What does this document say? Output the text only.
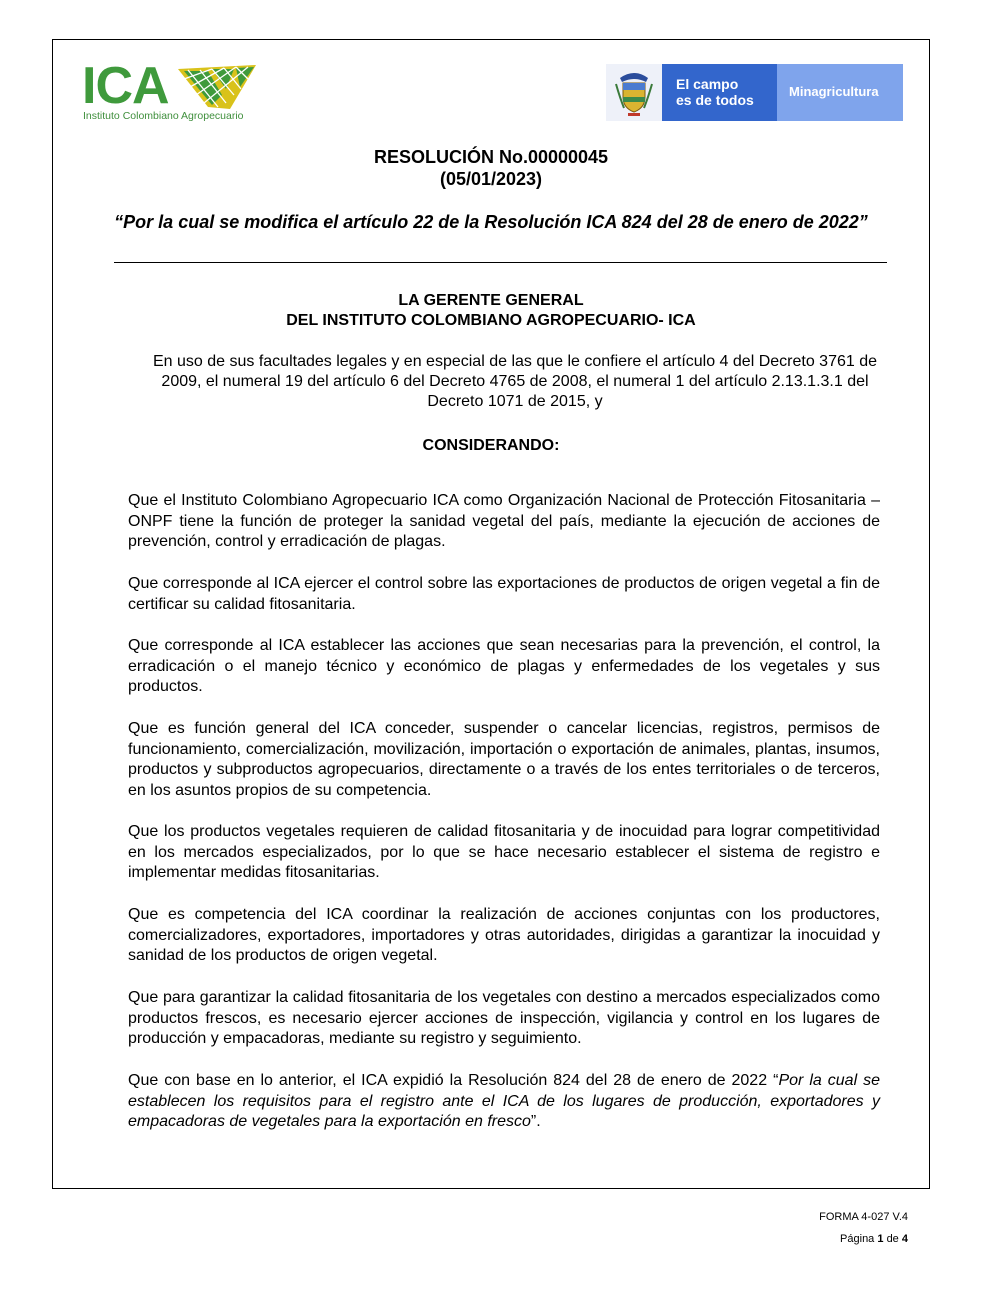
ICA
Instituto Colombiano Agropecuario
El campo
es de todos
Minagricultura
RESOLUCIÓN No.00000045
(05/01/2023)
“Por la cual se modifica el artículo 22 de la Resolución ICA 824 del 28 de enero de 2022”
LA GERENTE GENERAL
DEL INSTITUTO COLOMBIANO AGROPECUARIO- ICA
En uso de sus facultades legales y en especial de las que le confiere el artículo 4 del Decreto 3761 de 2009, el numeral 19 del artículo 6 del Decreto 4765 de 2008, el numeral 1 del artículo 2.13.1.3.1 del Decreto 1071 de 2015, y
CONSIDERANDO:
Que el Instituto Colombiano Agropecuario ICA como Organización Nacional de Protección Fitosanitaria – ONPF tiene la función de proteger la sanidad vegetal del país, mediante la ejecución de acciones de prevención, control y erradicación de plagas.
Que corresponde al ICA ejercer el control sobre las exportaciones de productos de origen vegetal a fin de certificar su calidad fitosanitaria.
Que corresponde al ICA establecer las acciones que sean necesarias para la prevención, el control, la erradicación o el manejo técnico y económico de plagas y enfermedades de los vegetales y sus productos.
Que es función general del ICA conceder, suspender o cancelar licencias, registros, permisos de funcionamiento, comercialización, movilización, importación o exportación de animales, plantas, insumos, productos y subproductos agropecuarios, directamente o a través de los entes territoriales o de terceros, en los asuntos propios de su competencia.
Que los productos vegetales requieren de calidad fitosanitaria y de inocuidad para lograr competitividad en los mercados especializados, por lo que se hace necesario establecer el sistema de registro e implementar medidas fitosanitarias.
Que es competencia del ICA coordinar la realización de acciones conjuntas con los productores, comercializadores, exportadores, importadores y otras autoridades, dirigidas a garantizar la inocuidad y sanidad de los productos de origen vegetal.
Que para garantizar la calidad fitosanitaria de los vegetales con destino a mercados especializados como productos frescos, es necesario ejercer acciones de inspección, vigilancia y control en los lugares de producción y empacadoras, mediante su registro y seguimiento.
Que con base en lo anterior, el ICA expidió la Resolución 824 del 28 de enero de 2022 “Por la cual se establecen los requisitos para el registro ante el ICA de los lugares de producción, exportadores y empacadoras de vegetales para la exportación en fresco”.
FORMA 4-027 V.4
Página 1 de 4
